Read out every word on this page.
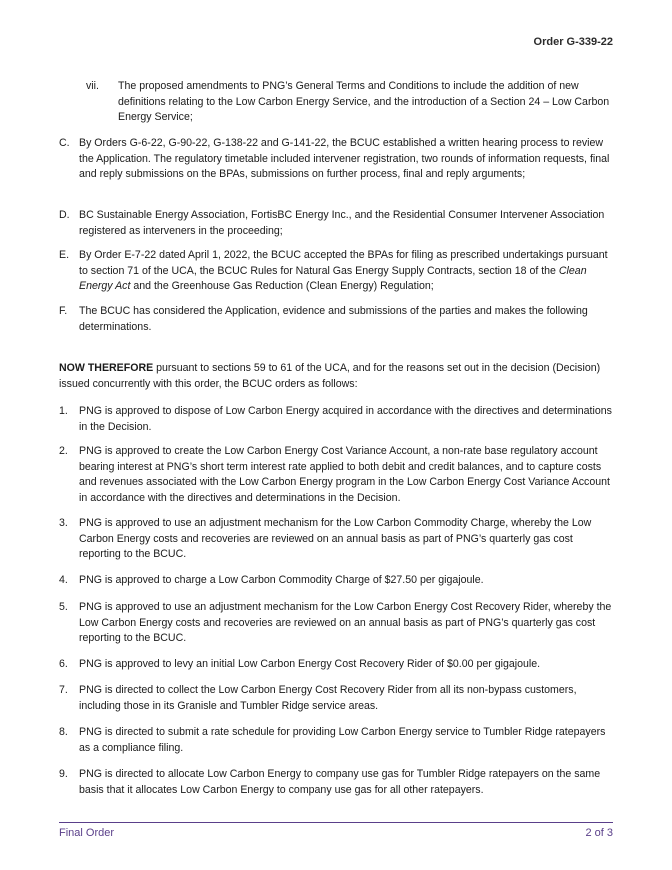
Order G-339-22
vii.	The proposed amendments to PNG’s General Terms and Conditions to include the addition of new definitions relating to the Low Carbon Energy Service, and the introduction of a Section 24 – Low Carbon Energy Service;
C. By Orders G-6-22, G-90-22, G-138-22 and G-141-22, the BCUC established a written hearing process to review the Application. The regulatory timetable included intervener registration, two rounds of information requests, final and reply submissions on the BPAs, submissions on further process, final and reply arguments;
D. BC Sustainable Energy Association, FortisBC Energy Inc., and the Residential Consumer Intervener Association registered as interveners in the proceeding;
E. By Order E-7-22 dated April 1, 2022, the BCUC accepted the BPAs for filing as prescribed undertakings pursuant to section 71 of the UCA, the BCUC Rules for Natural Gas Energy Supply Contracts, section 18 of the Clean Energy Act and the Greenhouse Gas Reduction (Clean Energy) Regulation;
F.	The BCUC has considered the Application, evidence and submissions of the parties and makes the following determinations.
NOW THEREFORE pursuant to sections 59 to 61 of the UCA, and for the reasons set out in the decision (Decision) issued concurrently with this order, the BCUC orders as follows:
1.	PNG is approved to dispose of Low Carbon Energy acquired in accordance with the directives and determinations in the Decision.
2.	PNG is approved to create the Low Carbon Energy Cost Variance Account, a non-rate base regulatory account bearing interest at PNG’s short term interest rate applied to both debit and credit balances, and to capture costs and revenues associated with the Low Carbon Energy program in the Low Carbon Energy Cost Variance Account in accordance with the directives and determinations in the Decision.
3.	PNG is approved to use an adjustment mechanism for the Low Carbon Commodity Charge, whereby the Low Carbon Energy costs and recoveries are reviewed on an annual basis as part of PNG’s quarterly gas cost reporting to the BCUC.
4.	PNG is approved to charge a Low Carbon Commodity Charge of $27.50 per gigajoule.
5.	PNG is approved to use an adjustment mechanism for the Low Carbon Energy Cost Recovery Rider, whereby the Low Carbon Energy costs and recoveries are reviewed on an annual basis as part of PNG’s quarterly gas cost reporting to the BCUC.
6.	PNG is approved to levy an initial Low Carbon Energy Cost Recovery Rider of $0.00 per gigajoule.
7.	PNG is directed to collect the Low Carbon Energy Cost Recovery Rider from all its non-bypass customers, including those in its Granisle and Tumbler Ridge service areas.
8.	PNG is directed to submit a rate schedule for providing Low Carbon Energy service to Tumbler Ridge ratepayers as a compliance filing.
9.	PNG is directed to allocate Low Carbon Energy to company use gas for Tumbler Ridge ratepayers on the same basis that it allocates Low Carbon Energy to company use gas for all other ratepayers.
Final Order	2 of 3
